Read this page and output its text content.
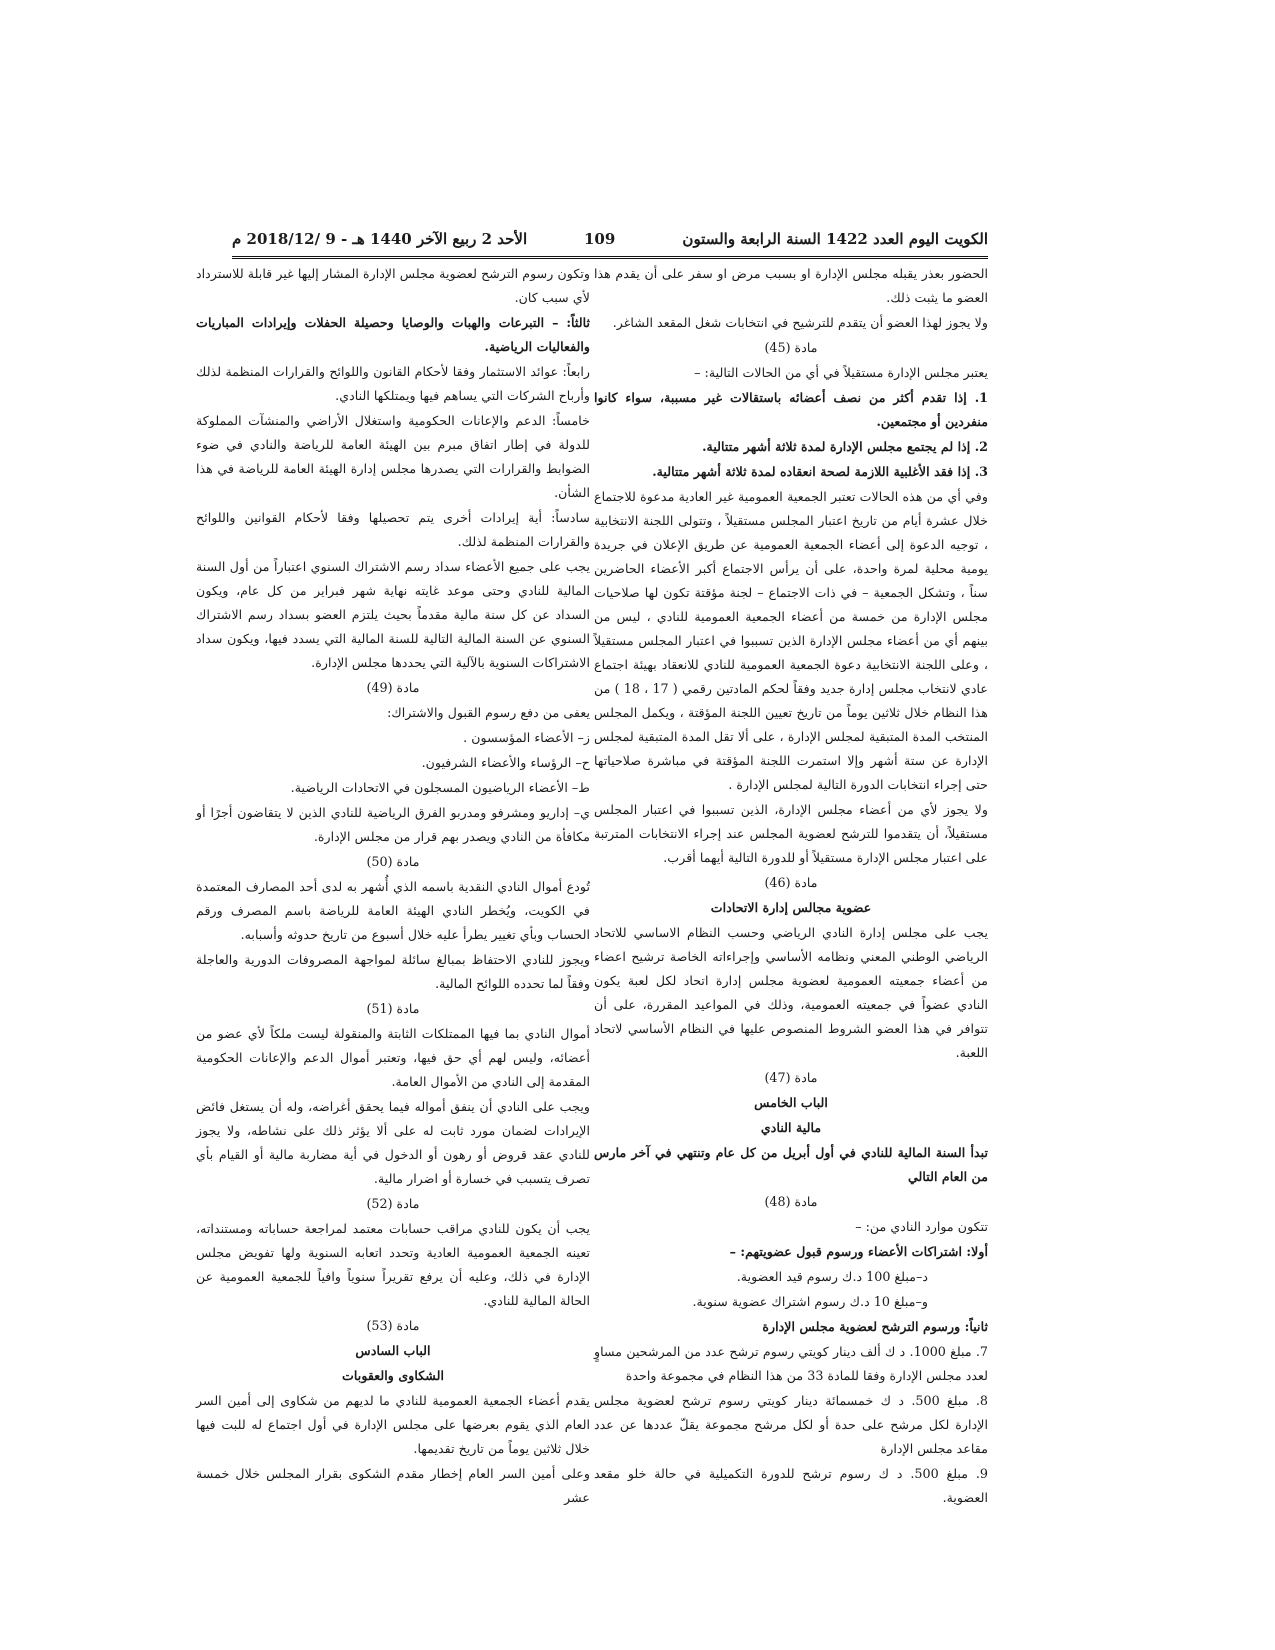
الكويت اليوم العدد 1422 السنة الرابعة والستون
109
الأحد 2 ربيع الآخر 1440 هـ - 9 /2018/12 م

الحضور بعذر يقبله مجلس الإدارة او بسبب مرض او سفر على أن يقدم هذا العضو ما يثبت ذلك.

ولا يجوز لهذا العضو أن يتقدم للترشيح في انتخابات شغل المقعد الشاغر.

مادة (45)

يعتبر مجلس الإدارة مستقيلاً في أي من الحالات التالية: –

1. إذا تقدم أكثر من نصف أعضائه باستقالات غير مسببة، سواء كانوا منفردين أو مجتمعين.

2. إذا لم يجتمع مجلس الإدارة لمدة ثلاثة أشهر متتالية.

3. إذا فقد الأغلبية اللازمة لصحة انعقاده لمدة ثلاثة أشهر متتالية.

وفي أي من هذه الحالات تعتبر الجمعية العمومية غير العادية مدعوة للاجتماع خلال عشرة أيام من تاريخ اعتبار المجلس مستقيلاً ، وتتولى اللجنة الانتخابية ، توجيه الدعوة إلى أعضاء الجمعية العمومية عن طريق الإعلان في جريدة يومية محلية لمرة واحدة، على أن يرأس الاجتماع أكبر الأعضاء الحاضرين سناً ، وتشكل الجمعية – في ذات الاجتماع – لجنة مؤقتة تكون لها صلاحيات مجلس الإدارة من خمسة من أعضاء الجمعية العمومية للنادي ، ليس من بينهم أي من أعضاء مجلس الإدارة الذين تسببوا في اعتبار المجلس مستقيلاً ، وعلى اللجنة الانتخابية دعوة الجمعية العمومية للنادي للانعقاد بهيئة اجتماع عادي لانتخاب مجلس إدارة جديد وفقاً لحكم المادتين رقمي ( 17 ، 18 ) من هذا النظام خلال ثلاثين يوماً من تاريخ تعيين اللجنة المؤقتة ، ويكمل المجلس المنتخب المدة المتبقية لمجلس الإدارة ، على ألا تقل المدة المتبقية لمجلس الإدارة عن ستة أشهر وإلا استمرت اللجنة المؤقتة في مباشرة صلاحياتها حتى إجراء انتخابات الدورة التالية لمجلس الإدارة .

ولا يجوز لأي من أعضاء مجلس الإدارة، الذين تسببوا في اعتبار المجلس مستقيلاً، أن يتقدموا للترشح لعضوية المجلس عند إجراء الانتخابات المترتبة على اعتبار مجلس الإدارة مستقيلاً أو للدورة التالية أيهما أقرب.

مادة (46)

عضوية مجالس إدارة الاتحادات

يجب على مجلس إدارة النادي الرياضي وحسب النظام الاساسي للاتحاد الرياضي الوطني المعني ونظامه الأساسي وإجراءاته الخاصة ترشيح اعضاء من أعضاء جمعيته العمومية لعضوية مجلس إدارة اتحاد لكل لعبة يكون النادي عضواً في جمعيته العمومية، وذلك في المواعيد المقررة، على أن تتوافر في هذا العضو الشروط المنصوص عليها في النظام الأساسي لاتحاد اللعبة.

مادة (47)

الباب الخامس

مالية النادي

تبدأ السنة المالية للنادي في أول أبريل من كل عام وتنتهي في آخر مارس من العام التالي

مادة (48)

تتكون موارد النادي من: –

أولا: اشتراكات الأعضاء ورسوم قبول عضويتهم: –

د–مبلغ 100 د.ك رسوم قيد العضوية.

و–مبلغ 10 د.ك رسوم اشتراك عضوية سنوية.

ثانياً: ورسوم الترشح لعضوية مجلس الإدارة

7. مبلغ 1000. د ك ألف دينار كويتي رسوم ترشح عدد من المرشحين مساوٍ لعدد مجلس الإدارة وفقا للمادة 33 من هذا النظام في مجموعة واحدة

8. مبلغ 500. د ك خمسمائة دينار كويتي رسوم ترشح لعضوية مجلس الإدارة لكل مرشح على حدة أو لكل مرشح مجموعة يقلّ عددها عن عدد مقاعد مجلس الإدارة

9. مبلغ 500. د ك رسوم ترشح للدورة التكميلية في حالة خلو مقعد العضوية.

وتكون رسوم الترشح لعضوية مجلس الإدارة المشار إليها غير قابلة للاسترداد لأي سبب كان.

ثالثاً: – التبرعات والهبات والوصايا وحصيلة الحفلات وإيرادات المباريات والفعاليات الرياضية.

رابعاً: عوائد الاستثمار وفقا لأحكام القانون واللوائح والقرارات المنظمة لذلك وأرباح الشركات التي يساهم فيها ويمتلكها النادي.

خامساً: الدعم والإعانات الحكومية واستغلال الأراضي والمنشآت المملوكة للدولة في إطار اتفاق مبرم بين الهيئة العامة للرياضة والنادي في ضوء الضوابط والقرارات التي يصدرها مجلس إدارة الهيئة العامة للرياضة في هذا الشأن.

سادساً: أية إيرادات أخرى يتم تحصيلها وفقا لأحكام القوانين واللوائح والقرارات المنظمة لذلك.

يجب على جميع الأعضاء سداد رسم الاشتراك السنوي اعتباراً من أول السنة المالية للنادي وحتى موعد غايته نهاية شهر فبراير من كل عام، ويكون السداد عن كل سنة مالية مقدماً بحيث يلتزم العضو بسداد رسم الاشتراك السنوي عن السنة المالية التالية للسنة المالية التي يسدد فيها، ويكون سداد الاشتراكات السنوية بالآلية التي يحددها مجلس الإدارة.

مادة (49)

يعفى من دفع رسوم القبول والاشتراك:

ز– الأعضاء المؤسسون .

ح– الرؤساء والأعضاء الشرفيون.

ط– الأعضاء الرياضيون المسجلون في الاتحادات الرياضية.

ي– إداريو ومشرفو ومدربو الفرق الرياضية للنادي الذين لا يتقاضون أجرًا أو مكافأة من النادي ويصدر بهم قرار من مجلس الإدارة.

مادة (50)

تُودع أموال النادي النقدية باسمه الذي أُشهر به لدى أحد المصارف المعتمدة في الكويت، ويُخطر النادي الهيئة العامة للرياضة باسم المصرف ورقم الحساب وبأي تغيير يطرأ عليه خلال أسبوع من تاريخ حدوثه وأسبابه.

ويجوز للنادي الاحتفاظ بمبالغ سائلة لمواجهة المصروفات الدورية والعاجلة وفقاً لما تحدده اللوائح المالية.

مادة (51)

أموال النادي بما فيها الممتلكات الثابتة والمنقولة ليست ملكاً لأي عضو من أعضائه، وليس لهم أي حق فيها، وتعتبر أموال الدعم والإعانات الحكومية المقدمة إلى النادي من الأموال العامة.

ويجب على النادي أن ينفق أمواله فيما يحقق أغراضه، وله أن يستغل فائض الإيرادات لضمان مورد ثابت له على ألا يؤثر ذلك على نشاطه، ولا يجوز للنادي عقد قروض أو رهون أو الدخول في أية مضاربة مالية أو القيام بأي تصرف يتسبب في خسارة أو اضرار مالية.

مادة (52)

يجب أن يكون للنادي مراقب حسابات معتمد لمراجعة حساباته ومستنداته، تعينه الجمعية العمومية العادية وتحدد اتعابه السنوية ولها تفويض مجلس الإدارة في ذلك، وعليه أن يرفع تقريراً سنوياً وافياً للجمعية العمومية عن الحالة المالية للنادي.

مادة (53)

الباب السادس

الشكاوى والعقوبات

يقدم أعضاء الجمعية العمومية للنادي ما لديهم من شكاوى إلى أمين السر العام الذي يقوم بعرضها على مجلس الإدارة في أول اجتماع له للبت فيها خلال ثلاثين يوماً من تاريخ تقديمها.

وعلى أمين السر العام إخطار مقدم الشكوى بقرار المجلس خلال خمسة عشر
